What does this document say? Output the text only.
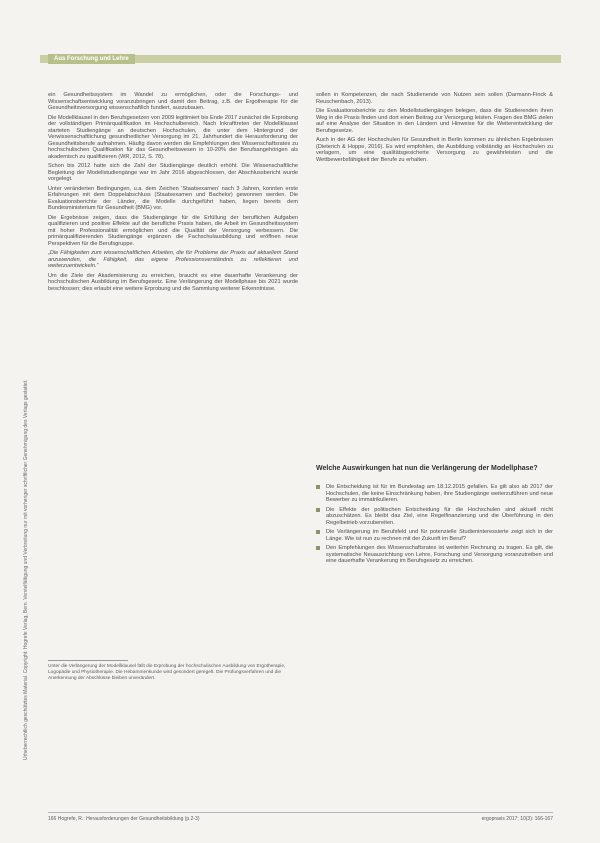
Urheberrechtlich geschütztes Material. Copyright: Hogrefe Verlag, Bern. Vervielfältigung und Verbreitung nur mit vorheriger schriftlicher Genehmigung des Verlags gestattet.
Aus Forschung und Lehre

ein Gesundheitssystem im Wandel zu ermöglichen, oder die Forschungs- und Wissenschaftsentwicklung voranzubringen und damit den Beitrag, z.B. der Ergotherapie für die Gesundheitsversorgung wissenschaftlich fundiert, auszubauen.

Die Modellklausel in den Berufsgesetzen von 2009 legitimiert bis Ende 2017 zunächst die Erprobung der vollständigen Primärqualifikation im Hochschulbereich. Nach Inkrafttreten der Modellklausel starteten Studiengänge an deutschen Hochschulen, die unter dem Hintergrund der Verwissenschaftlichung gesundheitlicher Versorgung im 21. Jahrhundert die Herausforderung der Gesundheitsberufe aufnahmen. Häufig davon werden die Empfehlungen des Wissenschaftsrates zu hochschulischen Qualifikation für das Gesundheitswesen in 10-20% der Berufsangehörigen als akademisch zu qualifizieren (WR, 2012, S. 78).

Schon bis 2012 hatte sich die Zahl der Studiengänge deutlich erhöht. Die Wissenschaftliche Begleitung der Modellstudiengänge war im Jahr 2016 abgeschlossen, der Abschlussbericht wurde vorgelegt.

Unter veränderten Bedingungen, u.a. dem Zeichen 'Staatsexamen' nach 3 Jahren, konnten erste Erfahrungen mit dem Doppelabschluss (Staatsexamen und Bachelor) gewonnen werden. Die Evaluationsberichte der Länder, die Modelle durchgeführt haben, liegen bereits dem Bundesministerium für Gesundheit (BMG) vor.

Die Ergebnisse zeigen, dass die Studiengänge für die Erfüllung der beruflichen Aufgaben qualifizieren und positive Effekte auf die berufliche Praxis haben, die Arbeit im Gesundheitssystem mit hoher Professionalität ermöglichen und die Qualität der Versorgung verbessern. Die primärqualifizierenden Studiengänge ergänzen die Fachschulausbildung und eröffnen neue Perspektiven für die Berufsgruppe.

„Die Fähigkeiten zum wissenschaftlichen Arbeiten, die für Probleme der Praxis auf aktuellem Stand anzuwenden, die Fähigkeit, das eigene Professionsverständnis zu reflektieren und weiterzuentwickeln.“

Um die Ziele der Akademisierung zu erreichen, braucht es eine dauerhafte Verankerung der hochschulischen Ausbildung im Berufsgesetz. Eine Verlängerung der Modellphase bis 2021 wurde beschlossen; dies erlaubt eine weitere Erprobung und die Sammlung weiterer Erkenntnisse.

sollen in Kompetenzen, die nach Studienende von Nutzen sein sollen (Darmann-Finck & Reuschenbach, 2013).

Die Evaluationsberichte zu den Modellstudiengängen belegen, dass die Studierenden ihren Weg in die Praxis finden und dort einen Beitrag zur Versorgung leisten. Fragen des BMG zielen auf eine Analyse der Situation in den Ländern und Hinweise für die Weiterentwicklung der Berufsgesetze.

Auch in der AG der Hochschulen für Gesundheit in Berlin kommen zu ähnlichen Ergebnissen (Dieterich & Hoppe, 2016). Es wird empfohlen, die Ausbildung vollständig an Hochschulen zu verlagern, um eine qualitätsgesicherte Versorgung zu gewährleisten und die Wettbewerbsfähigkeit der Berufe zu erhalten.

Welche Auswirkungen hat nun die Verlängerung der Modellphase?
Die Entscheidung ist für im Bundestag am 18.12.2015 gefallen. Es gilt also ab 2017 der Hochschulen, die keine Einschränkung haben, ihre Studiengänge weiterzuführen und neue Bewerber zu immatrikulieren.
Die Effekte der politischen Entscheidung für die Hochschulen sind aktuell nicht abzuschätzen. Es bleibt das Ziel, eine Regelfinanzierung und die Überführung in den Regelbetrieb vorzubereiten.
Die Verlängerung im Berufsfeld und für potenzielle Studieninteressierte zeigt sich in der Länge. Wie ist nun zu rechnen mit der Zukunft im Beruf?
Den Empfehlungen des Wissenschaftsrates ist weiterhin Rechnung zu tragen. Es gilt, die systematische Neuausrichtung von Lehre, Forschung und Versorgung voranzutreiben und eine dauerhafte Verankerung im Berufsgesetz zu erreichen.
Unter die Verlängerung der Modellklausel fällt die Erprobung der hochschulischen Ausbildung von Ergotherapie, Logopädie und Physiotherapie. Die Hebammenkunde wird gesondert geregelt. Die Prüfungsverfahren und die Anerkennung der Abschlüsse bleiben unverändert.
166 Hogrefe, R.: Herausforderungen der Gesundheitsbildung (p.2-3)	ergopraxis 2017; 10(3): 166-167
